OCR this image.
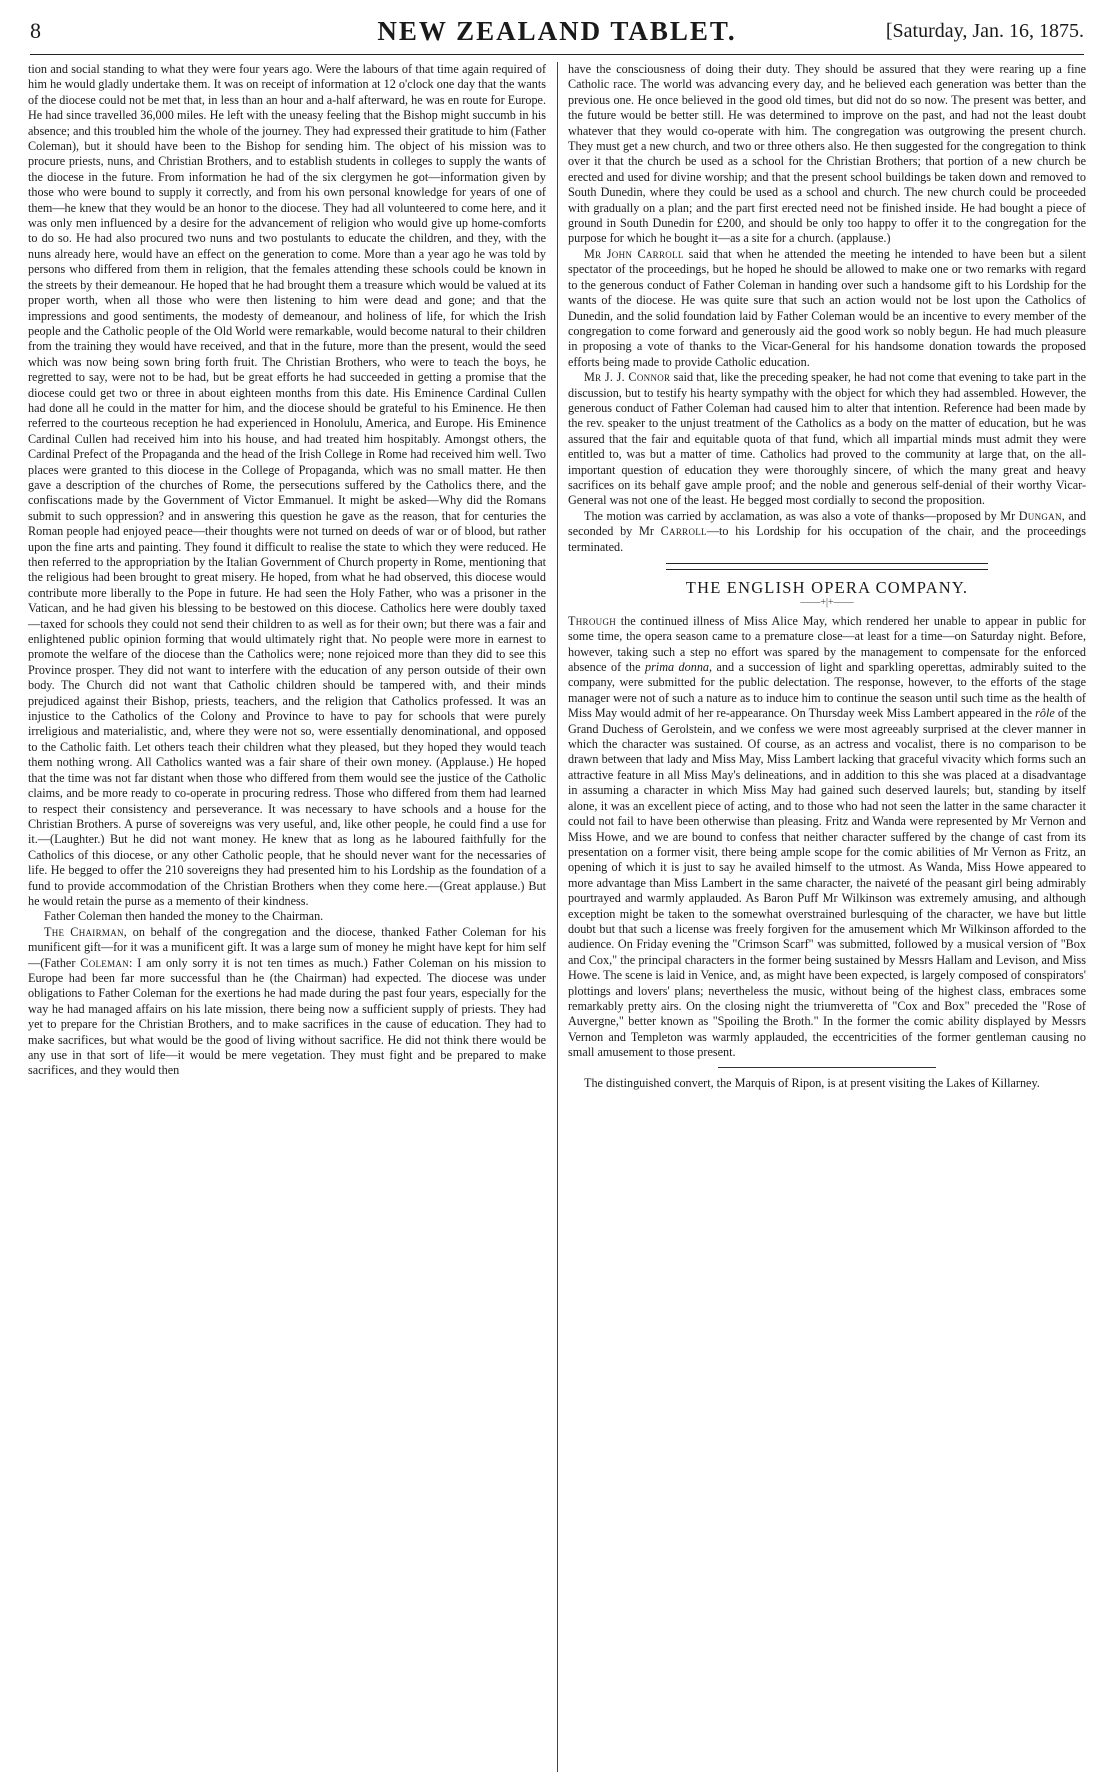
8	NEW ZEALAND TABLET.	[Saturday, Jan. 16, 1875.

tion and social standing to what they were four years ago. Were the labours of that time again required of him he would gladly undertake them. It was on receipt of information at 12 o'clock one day that the wants of the diocese could not be met that, in less than an hour and a-half afterward, he was en route for Europe. He had since travelled 36,000 miles. He left with the uneasy feeling that the Bishop might succumb in his absence; and this troubled him the whole of the journey. They had expressed their gratitude to him (Father Coleman), but it should have been to the Bishop for sending him. The object of his mission was to procure priests, nuns, and Christian Brothers, and to establish students in colleges to supply the wants of the diocese in the future. From information he had of the six clergymen he got—information given by those who were bound to supply it correctly, and from his own personal knowledge for years of one of them—he knew that they would be an honor to the diocese. They had all volunteered to come here, and it was only men influenced by a desire for the advancement of religion who would give up home-comforts to do so. He had also procured two nuns and two postulants to educate the children, and they, with the nuns already here, would have an effect on the generation to come. More than a year ago he was told by persons who differed from them in religion, that the females attending these schools could be known in the streets by their demeanour. He hoped that he had brought them a treasure which would be valued at its proper worth, when all those who were then listening to him were dead and gone; and that the impressions and good sentiments, the modesty of demeanour, and holiness of life, for which the Irish people and the Catholic people of the Old World were remarkable, would become natural to their children from the training they would have received, and that in the future, more than the present, would the seed which was now being sown bring forth fruit. The Christian Brothers, who were to teach the boys, he regretted to say, were not to be had, but be great efforts he had succeeded in getting a promise that the diocese could get two or three in about eighteen months from this date. His Eminence Cardinal Cullen had done all he could in the matter for him, and the diocese should be grateful to his Eminence. He then referred to the courteous reception he had experienced in Honolulu, America, and Europe. His Eminence Cardinal Cullen had received him into his house, and had treated him hospitably. Amongst others, the Cardinal Prefect of the Propaganda and the head of the Irish College in Rome had received him well. Two places were granted to this diocese in the College of Propaganda, which was no small matter. He then gave a description of the churches of Rome, the persecutions suffered by the Catholics there, and the confiscations made by the Government of Victor Emmanuel. It might be asked—Why did the Romans submit to such oppression? and in answering this question he gave as the reason, that for centuries the Roman people had enjoyed peace—their thoughts were not turned on deeds of war or of blood, but rather upon the fine arts and painting. They found it difficult to realise the state to which they were reduced. He then referred to the appropriation by the Italian Government of Church property in Rome, mentioning that the religious had been brought to great misery. He hoped, from what he had observed, this diocese would contribute more liberally to the Pope in future. He had seen the Holy Father, who was a prisoner in the Vatican, and he had given his blessing to be bestowed on this diocese. Catholics here were doubly taxed—taxed for schools they could not send their children to as well as for their own; but there was a fair and enlightened public opinion forming that would ultimately right that. No people were more in earnest to promote the welfare of the diocese than the Catholics were; none rejoiced more than they did to see this Province prosper. They did not want to interfere with the education of any person outside of their own body. The Church did not want that Catholic children should be tampered with, and their minds prejudiced against their Bishop, priests, teachers, and the religion that Catholics professed. It was an injustice to the Catholics of the Colony and Province to have to pay for schools that were purely irreligious and materialistic, and, where they were not so, were essentially denominational, and opposed to the Catholic faith. Let others teach their children what they pleased, but they hoped they would teach them nothing wrong. All Catholics wanted was a fair share of their own money. (Applause.) He hoped that the time was not far distant when those who differed from them would see the justice of the Catholic claims, and be more ready to co-operate in procuring redress. Those who differed from them had learned to respect their consistency and perseverance. It was necessary to have schools and a house for the Christian Brothers. A purse of sovereigns was very useful, and, like other people, he could find a use for it.—(Laughter.) But he did not want money. He knew that as long as he laboured faithfully for the Catholics of this diocese, or any other Catholic people, that he should never want for the necessaries of life. He begged to offer the 210 sovereigns they had presented him to his Lordship as the foundation of a fund to provide accommodation of the Christian Brothers when they come here.—(Great applause.) But he would retain the purse as a memento of their kindness.

Father Coleman then handed the money to the Chairman.

The Chairman, on behalf of the congregation and the diocese, thanked Father Coleman for his munificent gift—for it was a munificent gift. It was a large sum of money he might have kept for him self—(Father Coleman: I am only sorry it is not ten times as much.) Father Coleman on his mission to Europe had been far more successful than he (the Chairman) had expected. The diocese was under obligations to Father Coleman for the exertions he had made during the past four years, especially for the way he had managed affairs on his late mission, there being now a sufficient supply of priests. They had yet to prepare for the Christian Brothers, and to make sacrifices in the cause of education. They had to make sacrifices, but what would be the good of living without sacrifice. He did not think there would be any use in that sort of life—it would be mere vegetation. They must fight and be prepared to make sacrifices, and they would then

have the consciousness of doing their duty. They should be assured that they were rearing up a fine Catholic race. The world was advancing every day, and he believed each generation was better than the previous one. He once believed in the good old times, but did not do so now. The present was better, and the future would be better still. He was determined to improve on the past, and had not the least doubt whatever that they would co-operate with him. The congregation was outgrowing the present church. They must get a new church, and two or three others also. He then suggested for the congregation to think over it that the church be used as a school for the Christian Brothers; that portion of a new church be erected and used for divine worship; and that the present school buildings be taken down and removed to South Dunedin, where they could be used as a school and church. The new church could be proceeded with gradually on a plan; and the part first erected need not be finished inside. He had bought a piece of ground in South Dunedin for £200, and should be only too happy to offer it to the congregation for the purpose for which he bought it—as a site for a church. (applause.)

Mr John Carroll said that when he attended the meeting he intended to have been but a silent spectator of the proceedings, but he hoped he should be allowed to make one or two remarks with regard to the generous conduct of Father Coleman in handing over such a handsome gift to his Lordship for the wants of the diocese. He was quite sure that such an action would not be lost upon the Catholics of Dunedin, and the solid foundation laid by Father Coleman would be an incentive to every member of the congregation to come forward and generously aid the good work so nobly begun. He had much pleasure in proposing a vote of thanks to the Vicar-General for his handsome donation towards the proposed efforts being made to provide Catholic education.

Mr J. J. Connor said that, like the preceding speaker, he had not come that evening to take part in the discussion, but to testify his hearty sympathy with the object for which they had assembled. However, the generous conduct of Father Coleman had caused him to alter that intention. Reference had been made by the rev. speaker to the unjust treatment of the Catholics as a body on the matter of education, but he was assured that the fair and equitable quota of that fund, which all impartial minds must admit they were entitled to, was but a matter of time. Catholics had proved to the community at large that, on the all-important question of education they were thoroughly sincere, of which the many great and heavy sacrifices on its behalf gave ample proof; and the noble and generous self-denial of their worthy Vicar-General was not one of the least. He begged most cordially to second the proposition.

The motion was carried by acclamation, as was also a vote of thanks—proposed by Mr Dungan, and seconded by Mr Carroll—to his Lordship for his occupation of the chair, and the proceedings terminated.

THE ENGLISH OPERA COMPANY.

——+|+——

Through the continued illness of Miss Alice May, which rendered her unable to appear in public for some time, the opera season came to a premature close—at least for a time—on Saturday night. Before, however, taking such a step no effort was spared by the management to compensate for the enforced absence of the prima donna, and a succession of light and sparkling operettas, admirably suited to the company, were submitted for the public delectation. The response, however, to the efforts of the stage manager were not of such a nature as to induce him to continue the season until such time as the health of Miss May would admit of her re-appearance. On Thursday week Miss Lambert appeared in the rôle of the Grand Duchess of Gerolstein, and we confess we were most agreeably surprised at the clever manner in which the character was sustained. Of course, as an actress and vocalist, there is no comparison to be drawn between that lady and Miss May, Miss Lambert lacking that graceful vivacity which forms such an attractive feature in all Miss May's delineations, and in addition to this she was placed at a disadvantage in assuming a character in which Miss May had gained such deserved laurels; but, standing by itself alone, it was an excellent piece of acting, and to those who had not seen the latter in the same character it could not fail to have been otherwise than pleasing. Fritz and Wanda were represented by Mr Vernon and Miss Howe, and we are bound to confess that neither character suffered by the change of cast from its presentation on a former visit, there being ample scope for the comic abilities of Mr Vernon as Fritz, an opening of which it is just to say he availed himself to the utmost. As Wanda, Miss Howe appeared to more advantage than Miss Lambert in the same character, the naiveté of the peasant girl being admirably pourtrayed and warmly applauded. As Baron Puff Mr Wilkinson was extremely amusing, and although exception might be taken to the somewhat overstrained burlesquing of the character, we have but little doubt but that such a license was freely forgiven for the amusement which Mr Wilkinson afforded to the audience. On Friday evening the "Crimson Scarf" was submitted, followed by a musical version of "Box and Cox," the principal characters in the former being sustained by Messrs Hallam and Levison, and Miss Howe. The scene is laid in Venice, and, as might have been expected, is largely composed of conspirators' plottings and lovers' plans; nevertheless the music, without being of the highest class, embraces some remarkably pretty airs. On the closing night the triumveretta of "Cox and Box" preceded the "Rose of Auvergne," better known as "Spoiling the Broth." In the former the comic ability displayed by Messrs Vernon and Templeton was warmly applauded, the eccentricities of the former gentleman causing no small amusement to those present.

The distinguished convert, the Marquis of Ripon, is at present visiting the Lakes of Killarney.
